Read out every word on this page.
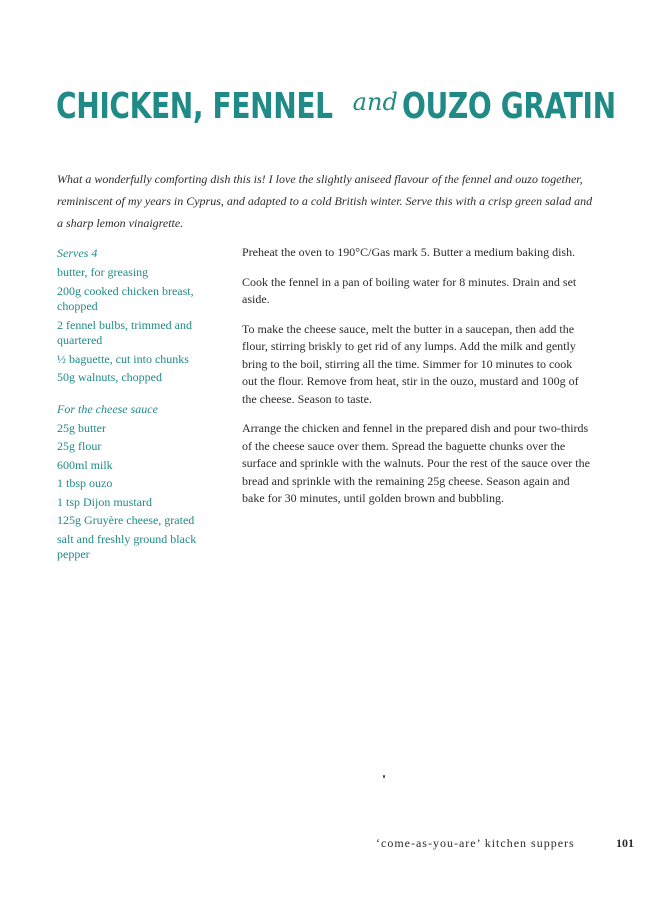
CHICKEN, FENNEL and OUZO GRATIN
What a wonderfully comforting dish this is! I love the slightly aniseed flavour of the fennel and ouzo together, reminiscent of my years in Cyprus, and adapted to a cold British winter. Serve this with a crisp green salad and a sharp lemon vinaigrette.
Serves 4
butter, for greasing
200g cooked chicken breast, chopped
2 fennel bulbs, trimmed and quartered
½ baguette, cut into chunks
50g walnuts, chopped
For the cheese sauce
25g butter
25g flour
600ml milk
1 tbsp ouzo
1 tsp Dijon mustard
125g Gruyère cheese, grated
salt and freshly ground black pepper

Preheat the oven to 190°C/Gas mark 5. Butter a medium baking dish.

Cook the fennel in a pan of boiling water for 8 minutes. Drain and set aside.

To make the cheese sauce, melt the butter in a saucepan, then add the flour, stirring briskly to get rid of any lumps. Add the milk and gently bring to the boil, stirring all the time. Simmer for 10 minutes to cook out the flour. Remove from heat, stir in the ouzo, mustard and 100g of the cheese. Season to taste.

Arrange the chicken and fennel in the prepared dish and pour two-thirds of the cheese sauce over them. Spread the baguette chunks over the surface and sprinkle with the walnuts. Pour the rest of the sauce over the bread and sprinkle with the remaining 25g cheese. Season again and bake for 30 minutes, until golden brown and bubbling.

‘come-as-you-are’ kitchen suppers	101
